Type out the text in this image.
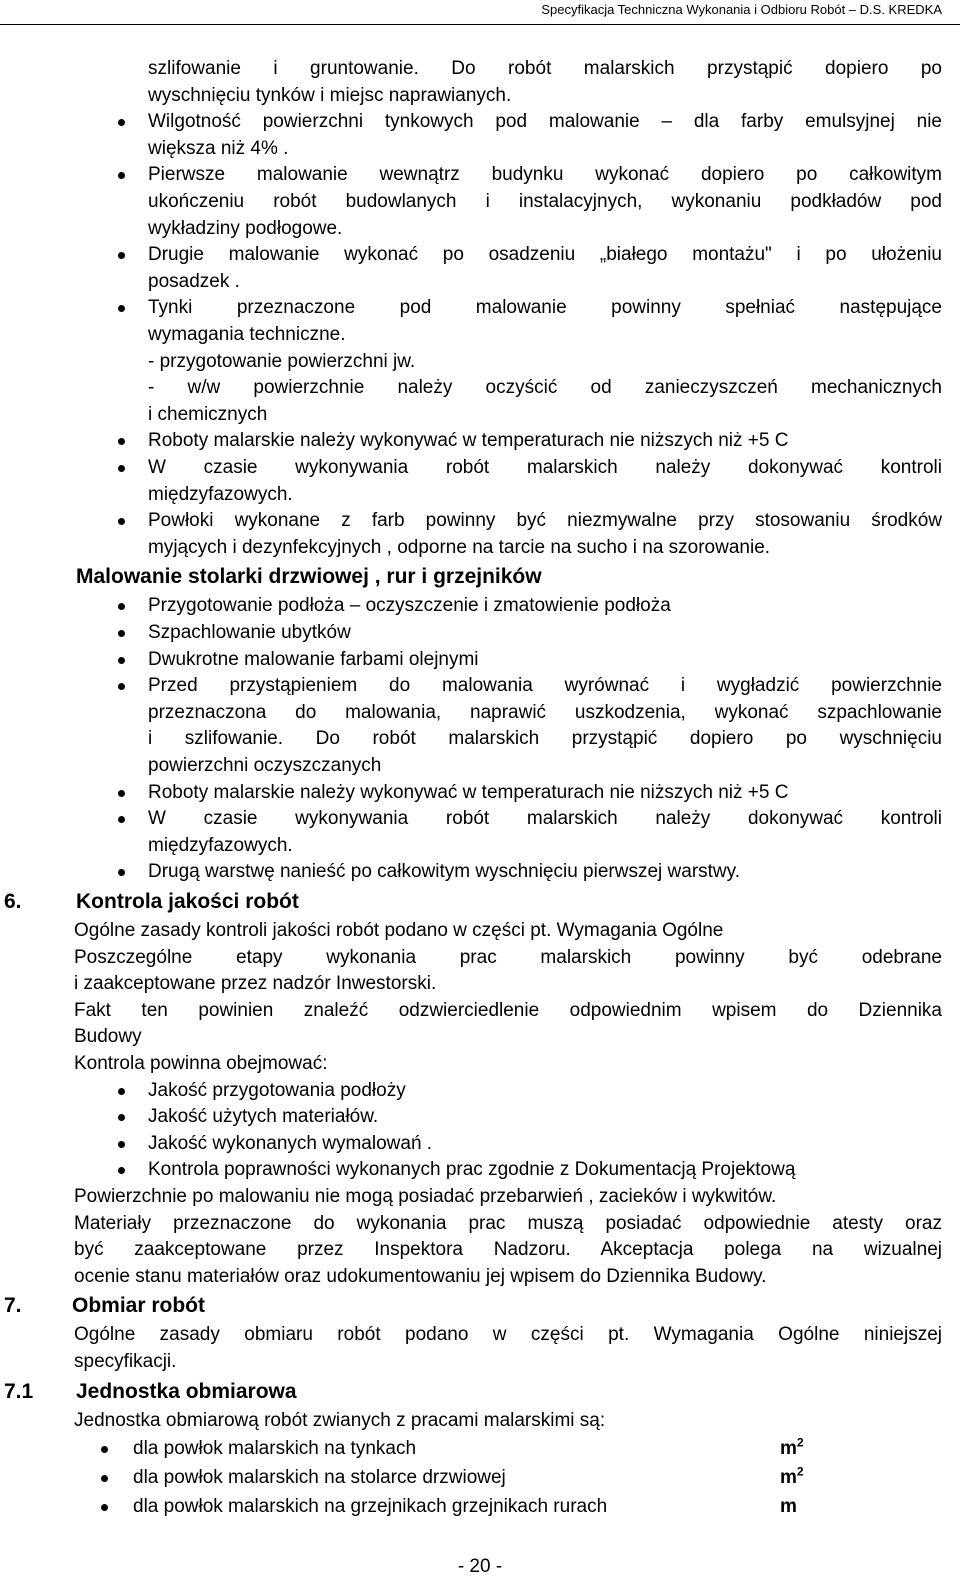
Specyfikacja Techniczna Wykonania i Odbioru Robót – D.S. KREDKA
szlifowanie i gruntowanie. Do robót malarskich przystąpić dopiero po
wyschnięciu tynków i miejsc naprawianych.
Wilgotność powierzchni tynkowych pod malowanie – dla farby emulsyjnej nie
większa niż 4% .
Pierwsze malowanie wewnątrz budynku wykonać dopiero po całkowitym
ukończeniu robót budowlanych i instalacyjnych, wykonaniu podkładów pod
wykładziny podłogowe.
Drugie malowanie wykonać po osadzeniu „białego montażu" i po ułożeniu
posadzek .
Tynki przeznaczone pod malowanie powinny spełniać następujące
wymagania techniczne.
- przygotowanie powierzchni jw.
- w/w powierzchnie należy oczyścić od zanieczyszczeń mechanicznych
i chemicznych
Roboty malarskie należy wykonywać w temperaturach nie niższych niż +5 C
W czasie wykonywania robót malarskich należy dokonywać kontroli
międzyfazowych.
Powłoki wykonane z farb powinny być niezmywalne przy stosowaniu środków
myjących i dezynfekcyjnych , odporne na tarcie na sucho i na szorowanie.
Malowanie stolarki drzwiowej , rur i grzejników
Przygotowanie podłoża – oczyszczenie i zmatowienie podłoża
Szpachlowanie ubytków
Dwukrotne malowanie farbami olejnymi
Przed przystąpieniem do malowania wyrównać i wygładzić powierzchnie
przeznaczona do malowania, naprawić uszkodzenia, wykonać szpachlowanie
i szlifowanie. Do robót malarskich przystąpić dopiero po wyschnięciu
powierzchni oczyszczanych
Roboty malarskie należy wykonywać w temperaturach nie niższych niż +5 C
W czasie wykonywania robót malarskich należy dokonywać kontroli
międzyfazowych.
Drugą warstwę nanieść po całkowitym wyschnięciu pierwszej warstwy.
6.	Kontrola jakości robót
Ogólne zasady kontroli jakości robót podano w części pt. Wymagania Ogólne
Poszczególne etapy wykonania prac malarskich powinny być odebrane
i zaakceptowane przez nadzór Inwestorski.
Fakt ten powinien znaleźć odzwierciedlenie odpowiednim wpisem do Dziennika
Budowy
Kontrola powinna obejmować:
Jakość przygotowania podłoży
Jakość użytych materiałów.
Jakość wykonanych wymalowań .
Kontrola poprawności wykonanych prac zgodnie z Dokumentacją Projektową
Powierzchnie po malowaniu nie mogą posiadać przebarwień , zacieków i wykwitów.
Materiały przeznaczone do wykonania prac muszą posiadać odpowiednie atesty oraz
być zaakceptowane przez Inspektora Nadzoru. Akceptacja polega na wizualnej
ocenie stanu materiałów oraz udokumentowaniu jej wpisem do Dziennika Budowy.
7. Obmiar robót
Ogólne zasady obmiaru robót podano w części pt. Wymagania Ogólne niniejszej
specyfikacji.
7.1 Jednostka obmiarowa
Jednostka obmiarową robót zwianych z pracami malarskimi są:
dla powłok malarskich na tynkach	$m^2$
dla powłok malarskich na stolarce drzwiowej	$m^2$
dla powłok malarskich na grzejnikach grzejnikach rurach	m
- 20 -
